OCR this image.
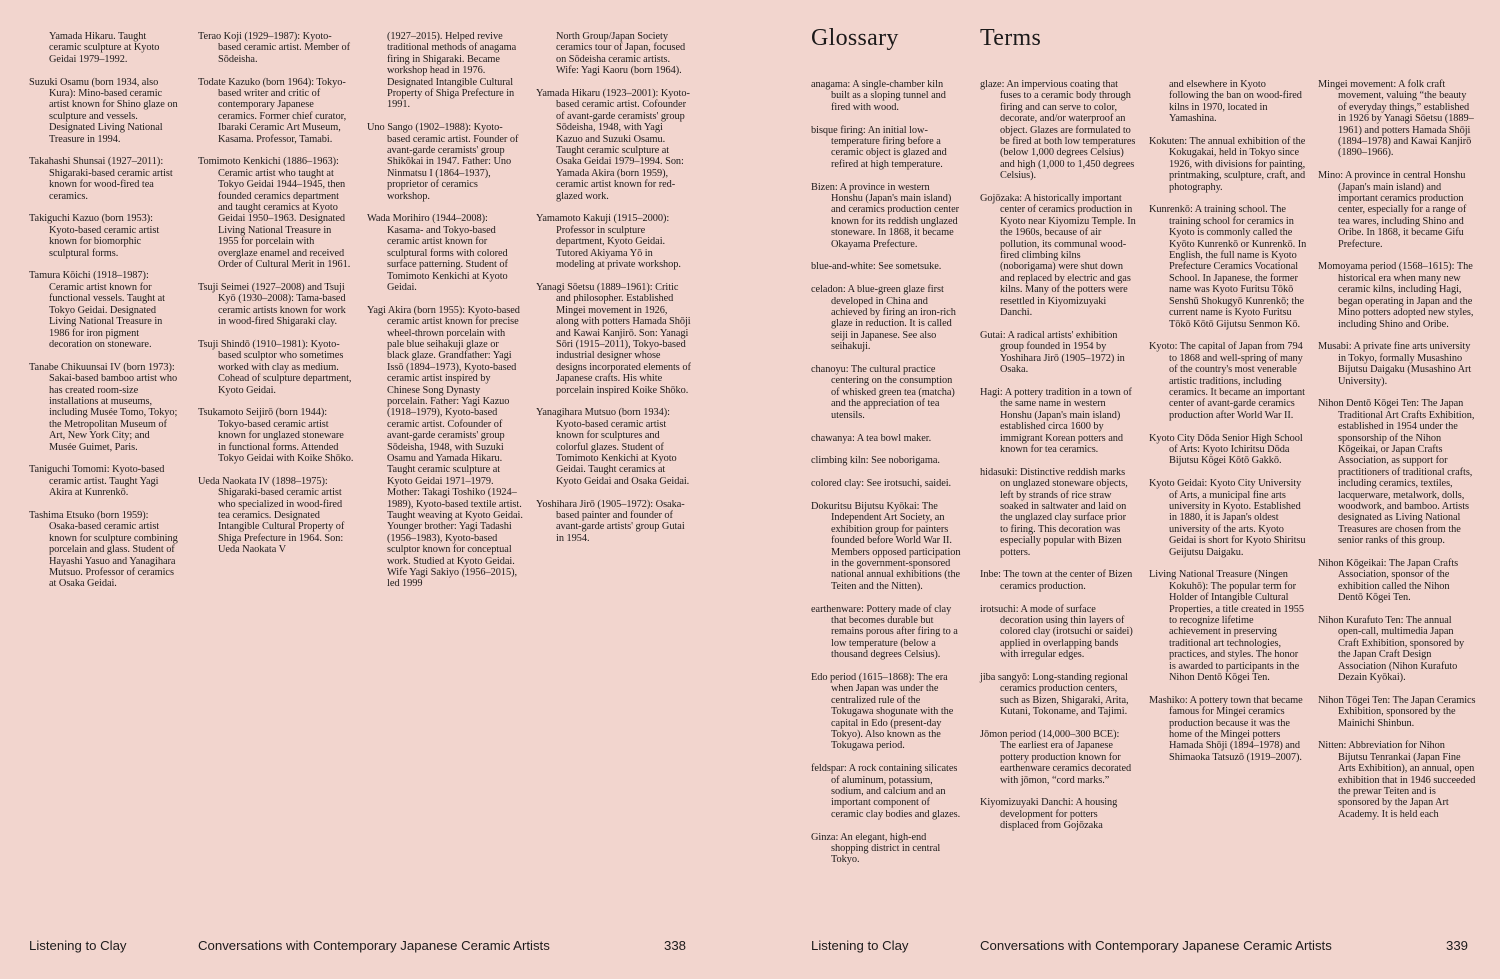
Yamada Hikaru. Taught ceramic sculpture at Kyoto Geidai 1979–1992.
Suzuki Osamu (born 1934, also Kura): Mino-based ceramic artist known for Shino glaze on sculpture and vessels. Designated Living National Treasure in 1994.
Takahashi Shunsai (1927–2011): Shigaraki-based ceramic artist known for wood-fired tea ceramics.
Takiguchi Kazuo (born 1953): Kyoto-based ceramic artist known for biomorphic sculptural forms.
Tamura Kōichi (1918–1987): Ceramic artist known for functional vessels. Taught at Tokyo Geidai. Designated Living National Treasure in 1986 for iron pigment decoration on stoneware.
Tanabe Chikuunsai IV (born 1973): Sakai-based bamboo artist who has created room-size installations at museums, including Musée Tomo, Tokyo; the Metropolitan Museum of Art, New York City; and Musée Guimet, Paris.
Taniguchi Tomomi: Kyoto-based ceramic artist. Taught Yagi Akira at Kunrenkō.
Tashima Etsuko (born 1959): Osaka-based ceramic artist known for sculpture combining porcelain and glass. Student of Hayashi Yasuo and Yanagihara Mutsuo. Professor of ceramics at Osaka Geidai.
Terao Koji (1929–1987): Kyoto-based ceramic artist. Member of Sōdeisha.
Todate Kazuko (born 1964): Tokyo-based writer and critic of contemporary Japanese ceramics. Former chief curator, Ibaraki Ceramic Art Museum, Kasama. Professor, Tamabi.
Tomimoto Kenkichi (1886–1963): Ceramic artist who taught at Tokyo Geidai 1944–1945, then founded ceramics department and taught ceramics at Kyoto Geidai 1950–1963. Designated Living National Treasure in 1955 for porcelain with overglaze enamel and received Order of Cultural Merit in 1961.
Tsuji Seimei (1927–2008) and Tsuji Kyō (1930–2008): Tama-based ceramic artists known for work in wood-fired Shigaraki clay.
Tsuji Shindō (1910–1981): Kyoto-based sculptor who sometimes worked with clay as medium. Cohead of sculpture department, Kyoto Geidai.
Tsukamoto Seijirō (born 1944): Tokyo-based ceramic artist known for unglazed stoneware in functional forms. Attended Tokyo Geidai with Koike Shōko.
Ueda Naokata IV (1898–1975): Shigaraki-based ceramic artist who specialized in wood-fired tea ceramics. Designated Intangible Cultural Property of Shiga Prefecture in 1964. Son: Ueda Naokata V
(1927–2015). Helped revive traditional methods of anagama firing in Shigaraki. Became workshop head in 1976. Designated Intangible Cultural Property of Shiga Prefecture in 1991.
Uno Sango (1902–1988): Kyoto-based ceramic artist. Founder of avant-garde ceramists' group Shikōkai in 1947. Father: Uno Ninmatsu I (1864–1937), proprietor of ceramics workshop.
Wada Morihiro (1944–2008): Kasama- and Tokyo-based ceramic artist known for sculptural forms with colored surface patterning. Student of Tomimoto Kenkichi at Kyoto Geidai.
Yagi Akira (born 1955): Kyoto-based ceramic artist known for precise wheel-thrown porcelain with pale blue seihakuji glaze or black glaze. Grandfather: Yagi Issō (1894–1973), Kyoto-based ceramic artist inspired by Chinese Song Dynasty porcelain. Father: Yagi Kazuo (1918–1979), Kyoto-based ceramic artist. Cofounder of avant-garde ceramists' group Sōdeisha, 1948, with Suzuki Osamu and Yamada Hikaru. Taught ceramic sculpture at Kyoto Geidai 1971–1979. Mother: Takagi Toshiko (1924–1989), Kyoto-based textile artist. Taught weaving at Kyoto Geidai. Younger brother: Yagi Tadashi (1956–1983), Kyoto-based sculptor known for conceptual work. Studied at Kyoto Geidai. Wife Yagi Sakiyo (1956–2015), led 1999
North Group/Japan Society ceramics tour of Japan, focused on Sōdeisha ceramic artists. Wife: Yagi Kaoru (born 1964).
Yamada Hikaru (1923–2001): Kyoto-based ceramic artist. Cofounder of avant-garde ceramists' group Sōdeisha, 1948, with Yagi Kazuo and Suzuki Osamu. Taught ceramic sculpture at Osaka Geidai 1979–1994. Son: Yamada Akira (born 1959), ceramic artist known for red-glazed work.
Yamamoto Kakuji (1915–2000): Professor in sculpture department, Kyoto Geidai. Tutored Akiyama Yō in modeling at private workshop.
Yanagi Sōetsu (1889–1961): Critic and philosopher. Established Mingei movement in 1926, along with potters Hamada Shōji and Kawai Kanjirō. Son: Yanagi Sōri (1915–2011), Tokyo-based industrial designer whose designs incorporated elements of Japanese crafts. His white porcelain inspired Koike Shōko.
Yanagihara Mutsuo (born 1934): Kyoto-based ceramic artist known for sculptures and colorful glazes. Student of Tomimoto Kenkichi at Kyoto Geidai. Taught ceramics at Kyoto Geidai and Osaka Geidai.
Yoshihara Jirō (1905–1972): Osaka-based painter and founder of avant-garde artists' group Gutai in 1954.
Listening to Clay	Conversations with Contemporary Japanese Ceramic Artists	338
Glossary	Terms
anagama: A single-chamber kiln built as a sloping tunnel and fired with wood.
bisque firing: An initial low-temperature firing before a ceramic object is glazed and refired at high temperature.
Bizen: A province in western Honshu (Japan's main island) and ceramics production center known for its reddish unglazed stoneware. In 1868, it became Okayama Prefecture.
blue-and-white: See sometsuke.
celadon: A blue-green glaze first developed in China and achieved by firing an iron-rich glaze in reduction. It is called seiji in Japanese. See also seihakuji.
chanoyu: The cultural practice centering on the consumption of whisked green tea (matcha) and the appreciation of tea utensils.
chawanya: A tea bowl maker.
climbing kiln: See noborigama.
colored clay: See irotsuchi, saidei.
Dokuritsu Bijutsu Kyōkai: The Independent Art Society, an exhibition group for painters founded before World War II. Members opposed participation in the government-sponsored national annual exhibitions (the Teiten and the Nitten).
earthenware: Pottery made of clay that becomes durable but remains porous after firing to a low temperature (below a thousand degrees Celsius).
Edo period (1615–1868): The era when Japan was under the centralized rule of the Tokugawa shogunate with the capital in Edo (present-day Tokyo). Also known as the Tokugawa period.
feldspar: A rock containing silicates of aluminum, potassium, sodium, and calcium and an important component of ceramic clay bodies and glazes.
Ginza: An elegant, high-end shopping district in central Tokyo.
glaze: An impervious coating that fuses to a ceramic body through firing and can serve to color, decorate, and/or waterproof an object. Glazes are formulated to be fired at both low temperatures (below 1,000 degrees Celsius) and high (1,000 to 1,450 degrees Celsius).
Gojōzaka: A historically important center of ceramics production in Kyoto near Kiyomizu Temple. In the 1960s, because of air pollution, its communal wood-fired climbing kilns (noborigama) were shut down and replaced by electric and gas kilns. Many of the potters were resettled in Kiyomizuyaki Danchi.
Gutai: A radical artists' exhibition group founded in 1954 by Yoshihara Jirō (1905–1972) in Osaka.
Hagi: A pottery tradition in a town of the same name in western Honshu (Japan's main island) established circa 1600 by immigrant Korean potters and known for tea ceramics.
hidasuki: Distinctive reddish marks on unglazed stoneware objects, left by strands of rice straw soaked in saltwater and laid on the unglazed clay surface prior to firing. This decoration was especially popular with Bizen potters.
Inbe: The town at the center of Bizen ceramics production.
irotsuchi: A mode of surface decoration using thin layers of colored clay (irotsuchi or saidei) applied in overlapping bands with irregular edges.
jiba sangyō: Long-standing regional ceramics production centers, such as Bizen, Shigaraki, Arita, Kutani, Tokoname, and Tajimi.
Jōmon period (14,000–300 BCE): The earliest era of Japanese pottery production known for earthenware ceramics decorated with jōmon, “cord marks.”
Kiyomizuyaki Danchi: A housing development for potters displaced from Gojōzaka
and elsewhere in Kyoto following the ban on wood-fired kilns in 1970, located in Yamashina.
Kokuten: The annual exhibition of the Kokugakai, held in Tokyo since 1926, with divisions for painting, printmaking, sculpture, craft, and photography.
Kunrenkō: A training school. The training school for ceramics in Kyoto is commonly called the Kyōto Kunrenkō or Kunrenkō. In English, the full name is Kyoto Prefecture Ceramics Vocational School. In Japanese, the former name was Kyoto Furitsu Tōkō Senshū Shokugyō Kunrenkō; the current name is Kyoto Furitsu Tōkō Kōtō Gijutsu Senmon Kō.
Kyoto: The capital of Japan from 794 to 1868 and well-spring of many of the country's most venerable artistic traditions, including ceramics. It became an important center of avant-garde ceramics production after World War II.
Kyoto City Dōda Senior High School of Arts: Kyoto Ichiritsu Dōda Bijutsu Kōgei Kōtō Gakkō.
Kyoto Geidai: Kyoto City University of Arts, a municipal fine arts university in Kyoto. Established in 1880, it is Japan's oldest university of the arts. Kyoto Geidai is short for Kyoto Shiritsu Geijutsu Daigaku.
Living National Treasure (Ningen Kokuhō): The popular term for Holder of Intangible Cultural Properties, a title created in 1955 to recognize lifetime achievement in preserving traditional art technologies, practices, and styles. The honor is awarded to participants in the Nihon Dentō Kōgei Ten.
Mashiko: A pottery town that became famous for Mingei ceramics production because it was the home of the Mingei potters Hamada Shōji (1894–1978) and Shimaoka Tatsuzō (1919–2007).
Mingei movement: A folk craft movement, valuing “the beauty of everyday things,” established in 1926 by Yanagi Sōetsu (1889–1961) and potters Hamada Shōji (1894–1978) and Kawai Kanjirō (1890–1966).
Mino: A province in central Honshu (Japan's main island) and important ceramics production center, especially for a range of tea wares, including Shino and Oribe. In 1868, it became Gifu Prefecture.
Momoyama period (1568–1615): The historical era when many new ceramic kilns, including Hagi, began operating in Japan and the Mino potters adopted new styles, including Shino and Oribe.
Musabi: A private fine arts university in Tokyo, formally Musashino Bijutsu Daigaku (Musashino Art University).
Nihon Dentō Kōgei Ten: The Japan Traditional Art Crafts Exhibition, established in 1954 under the sponsorship of the Nihon Kōgeikai, or Japan Crafts Association, as support for practitioners of traditional crafts, including ceramics, textiles, lacquerware, metalwork, dolls, woodwork, and bamboo. Artists designated as Living National Treasures are chosen from the senior ranks of this group.
Nihon Kōgeikai: The Japan Crafts Association, sponsor of the exhibition called the Nihon Dentō Kōgei Ten.
Nihon Kurafuto Ten: The annual open-call, multimedia Japan Craft Exhibition, sponsored by the Japan Craft Design Association (Nihon Kurafuto Dezain Kyōkai).
Nihon Tōgei Ten: The Japan Ceramics Exhibition, sponsored by the Mainichi Shinbun.
Nitten: Abbreviation for Nihon Bijutsu Tenrankai (Japan Fine Arts Exhibition), an annual, open exhibition that in 1946 succeeded the prewar Teiten and is sponsored by the Japan Art Academy. It is held each
Listening to Clay	Conversations with Contemporary Japanese Ceramic Artists	339
